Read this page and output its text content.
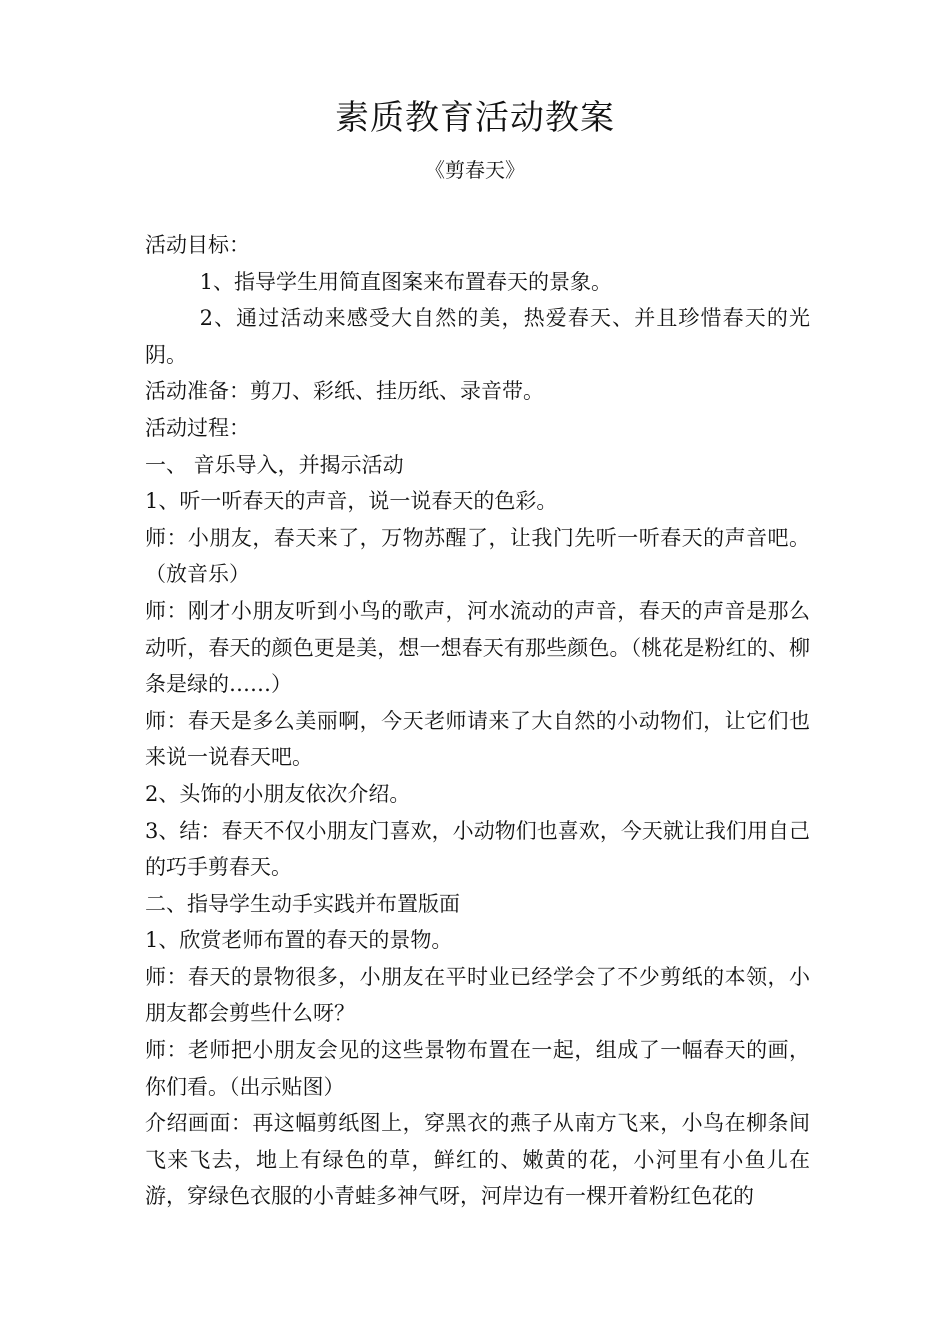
素质教育活动教案
《剪春天》

活动目标：

1、指导学生用简直图案来布置春天的景象。

2、通过活动来感受大自然的美，热爱春天、并且珍惜春天的光阴。

活动准备：剪刀、彩纸、挂历纸、录音带。

活动过程：

一、 音乐导入，并揭示活动

1、听一听春天的声音，说一说春天的色彩。

师：小朋友，春天来了，万物苏醒了，让我门先听一听春天的声音吧。（放音乐）

师：刚才小朋友听到小鸟的歌声，河水流动的声音，春天的声音是那么动听，春天的颜色更是美，想一想春天有那些颜色。（桃花是粉红的、柳条是绿的……）

师：春天是多么美丽啊，今天老师请来了大自然的小动物们，让它们也来说一说春天吧。

2、头饰的小朋友依次介绍。

3、结：春天不仅小朋友门喜欢，小动物们也喜欢，今天就让我们用自己的巧手剪春天。

二、指导学生动手实践并布置版面

1、欣赏老师布置的春天的景物。

师：春天的景物很多，小朋友在平时业已经学会了不少剪纸的本领，小朋友都会剪些什么呀？

师：老师把小朋友会见的这些景物布置在一起，组成了一幅春天的画，你们看。（出示贴图）

介绍画面：再这幅剪纸图上，穿黑衣的燕子从南方飞来，小鸟在柳条间飞来飞去，地上有绿色的草，鲜红的、嫩黄的花，小河里有小鱼儿在游，穿绿色衣服的小青蛙多神气呀，河岸边有一棵开着粉红色花的
